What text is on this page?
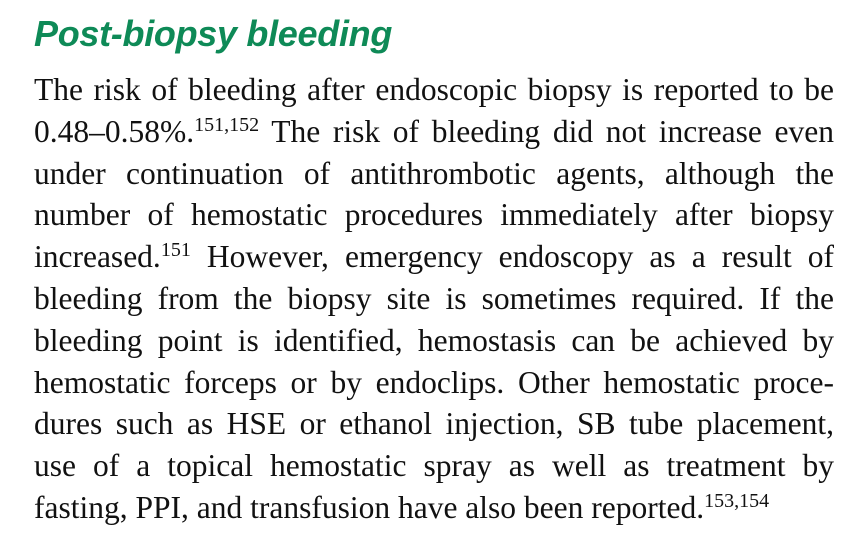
Post-biopsy bleeding
The risk of bleeding after endoscopic biopsy is reported to be
0.48–0.58%.$^{151,152}$ The risk of bleeding did not increase even
under continuation of antithrombotic agents, although the
number of hemostatic procedures immediately after biopsy
increased.$^{151}$ However, emergency endoscopy as a result of
bleeding from the biopsy site is sometimes required. If the
bleeding point is identified, hemostasis can be achieved by
hemostatic forceps or by endoclips. Other hemostatic proce-
dures such as HSE or ethanol injection, SB tube placement,
use of a topical hemostatic spray as well as treatment by
fasting, PPI, and transfusion have also been reported.$^{153,154}$
